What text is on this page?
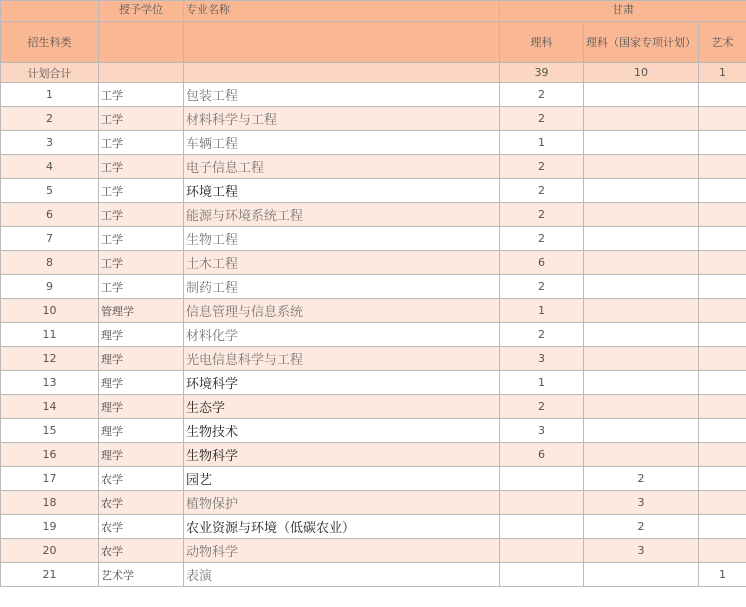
	授予学位	专业名称	甘肃		
招生科类			理科	理科（国家专项计划）	艺术
计划合计			39	10	1
1	工学	包装工程	2		
2	工学	材料科学与工程	2		
3	工学	车辆工程	1		
4	工学	电子信息工程	2		
5	工学	环境工程	2		
6	工学	能源与环境系统工程	2		
7	工学	生物工程	2		
8	工学	土木工程	6		
9	工学	制药工程	2		
10	管理学	信息管理与信息系统	1		
11	理学	材料化学	2		
12	理学	光电信息科学与工程	3		
13	理学	环境科学	1		
14	理学	生态学	2		
15	理学	生物技术	3		
16	理学	生物科学	6		
17	农学	园艺		2	
18	农学	植物保护		3	
19	农学	农业资源与环境（低碳农业）		2	
20	农学	动物科学		3	
21	艺术学	表演			1
